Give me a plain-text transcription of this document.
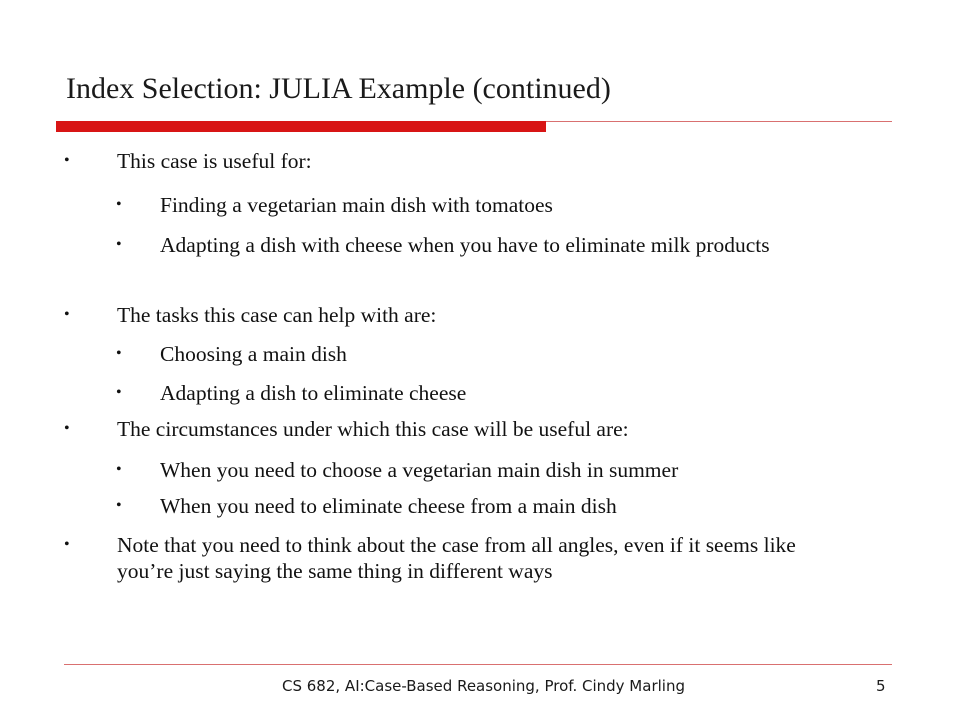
Index Selection: JULIA Example (continued)
• This case is useful for:
• Finding a vegetarian main dish with tomatoes
• Adapting a dish with cheese when you have to eliminate milk products
• The tasks this case can help with are:
• Choosing a main dish
• Adapting a dish to eliminate cheese
• The circumstances under which this case will be useful are:
• When you need to choose a vegetarian main dish in summer
• When you need to eliminate cheese from a main dish
• Note that you need to think about the case from all angles, even if it seems like you’re just saying the same thing in different ways
CS 682, AI:Case-Based Reasoning, Prof. Cindy Marling	5
